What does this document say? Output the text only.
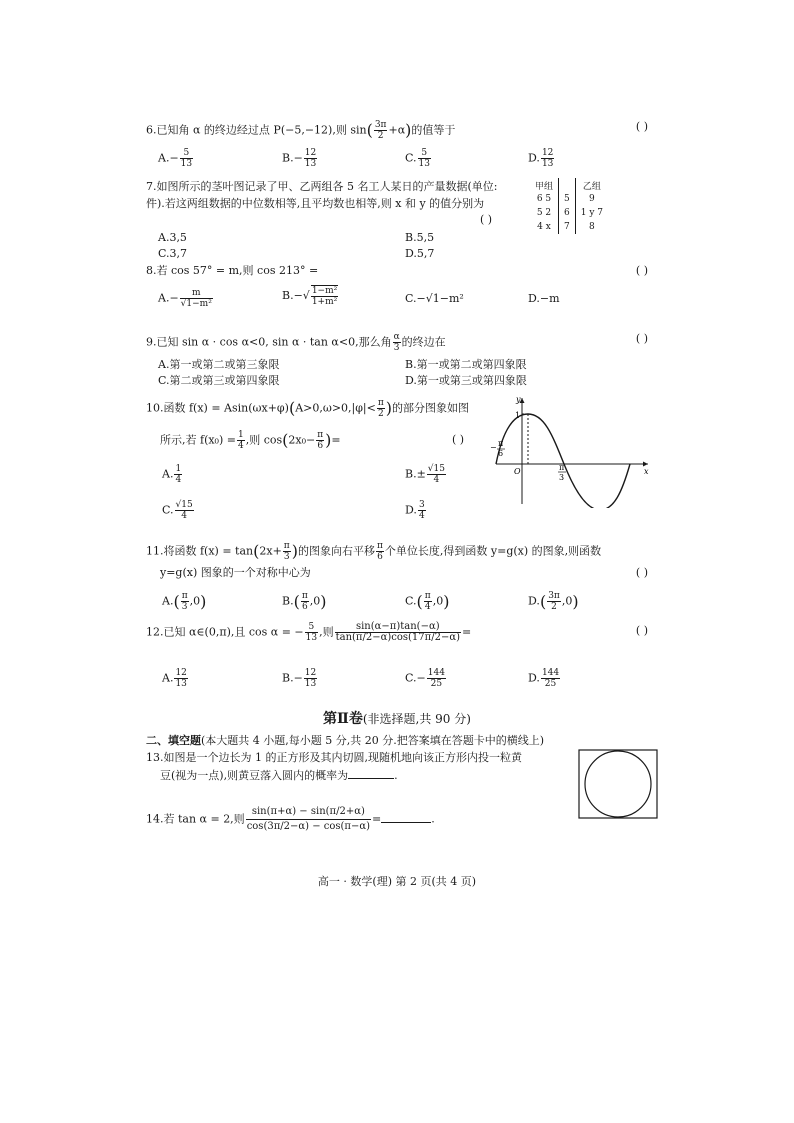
6.已知角 α 的终边经过点 P(−5,−12),则 $\sin( \frac{3\pi}{2} +\alpha)$的值等于	( )
$A.- \frac{5}{13}$	$B.- \frac{12}{13}$	C. $\frac{5}{13}$	D. $\frac{12}{13}$
7.如图所示的茎叶图记录了甲、乙两组各 5 名工人某日的产量数据(单位:
件).若这两组数据的中位数相等,且平均数也相等,则 x 和 y 的值分别为
( )
A.3,5	B.5,5
C.3,7	D.5,7
甲组		乙组
6 5	5	9
5 2	6	1 y 7
4 x	7	8
8.若 cos 57° = m,则 cos 213° =	( )
$A.- \frac{m}{\text{√1−m²}}$	$B.-√ \frac{\text{1−m²}}{\text{1+m²}}$	C.−√1−m²	D.−m
9.已知 sin α · cos α<0, sin α · tan α<0,那么角 $\frac{\alpha}{3}$ 的终边在	( )
A.第一或第二或第三象限	B.第一或第二或第四象限
C.第二或第三或第四象限	D.第一或第三或第四象限
10.函数 $f(x) = Asin(\omega x+\varphi)(A>0,\omega>0,|\varphi|< \frac{\pi}{2}$ )的部分图象如图
所示,若 $f(x_0) = \frac{1}{4}$ ,则 $\cos(2x_0- \frac{\pi}{6}$ )=	( )
A. $\frac{1}{4}$	$B.\pm \frac{√15}{4}$
C. $\frac{√15}{4}$	D. $\frac{3}{4}$
y
x
1
O
− π
6
π
3
11.将函数 $f(x) = \tan(2x+ \frac{\pi}{3}$ )的图象向右平移 $\frac{\pi}{6}$ 个单位长度,得到函数 y=g(x) 的图象,则函数
y=g(x) 图象的一个对称中心为	( )
$A.( \frac{\pi}{3} ,0)$	$B.( \frac{\pi}{6} ,0)$	$C.( \frac{\pi}{4} ,0)$	$D.( \frac{3\pi}{2} ,0)$
12.已知 α∈(0,π),且 cos α = − $\frac{5}{13}$ ,则 $\frac{\sin(\alpha-\pi)\tan(-\alpha)}{\tan(\pi/2-\alpha)\cos(17\pi/2-\alpha)}$ =	( )
A. $\frac{12}{13}$	$B.- \frac{12}{13}$	$C.- \frac{144}{25}$	D. $\frac{144}{25}$
第Ⅱ卷(非选择题,共 90 分)
二、填空题(本大题共 4 小题,每小题 5 分,共 20 分.把答案填在答题卡中的横线上)
13.如图是一个边长为 1 的正方形及其内切圆,现随机地向该正方形内投一粒黄
豆(视为一点),则黄豆落入圆内的概率为	.
14.若 tan α = 2,则 $\frac{\sin(\pi+\alpha) - \sin(\pi/2+\alpha)}{\cos(3\pi/2-\alpha) - \cos(\pi-\alpha)}$ =	.
高一 · 数学(理) 第 2 页(共 4 页)
